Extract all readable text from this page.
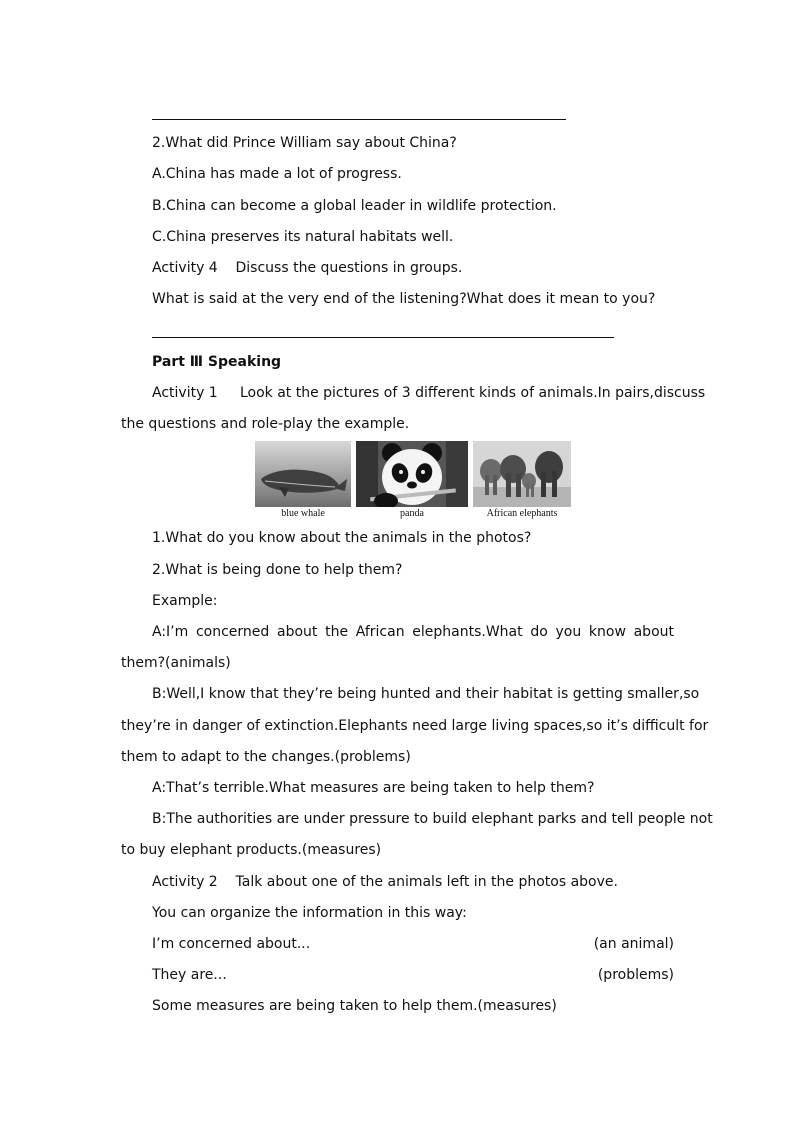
2.What did Prince William say about China?
A.China has made a lot of progress.
B.China can become a global leader in wildlife protection.
C.China preserves its natural habitats well.
Activity 4    Discuss the questions in groups.
What is said at the very end of the listening?What does it mean to you?
Part Ⅲ Speaking
Activity 1     Look at the pictures of 3 different kinds of animals.In pairs,discuss
the questions and role-play the example.
blue whale	panda	African elephants
1.What do you know about the animals in the photos?
2.What is being done to help them?
Example:
A:I’m concerned about the African elephants.What do you know about
them?(animals)
B:Well,I know that they’re being hunted and their habitat is getting smaller,so
they’re in danger of extinction.Elephants need large living spaces,so it’s difficult for
them to adapt to the changes.(problems)
A:That’s terrible.What measures are being taken to help them?
B:The authorities are under pressure to build elephant parks and tell people not
to buy elephant products.(measures)
Activity 2    Talk about one of the animals left in the photos above.
You can organize the information in this way:
I’m concerned about...	(an animal)
They are...	(problems)
Some measures are being taken to help them.(measures)
